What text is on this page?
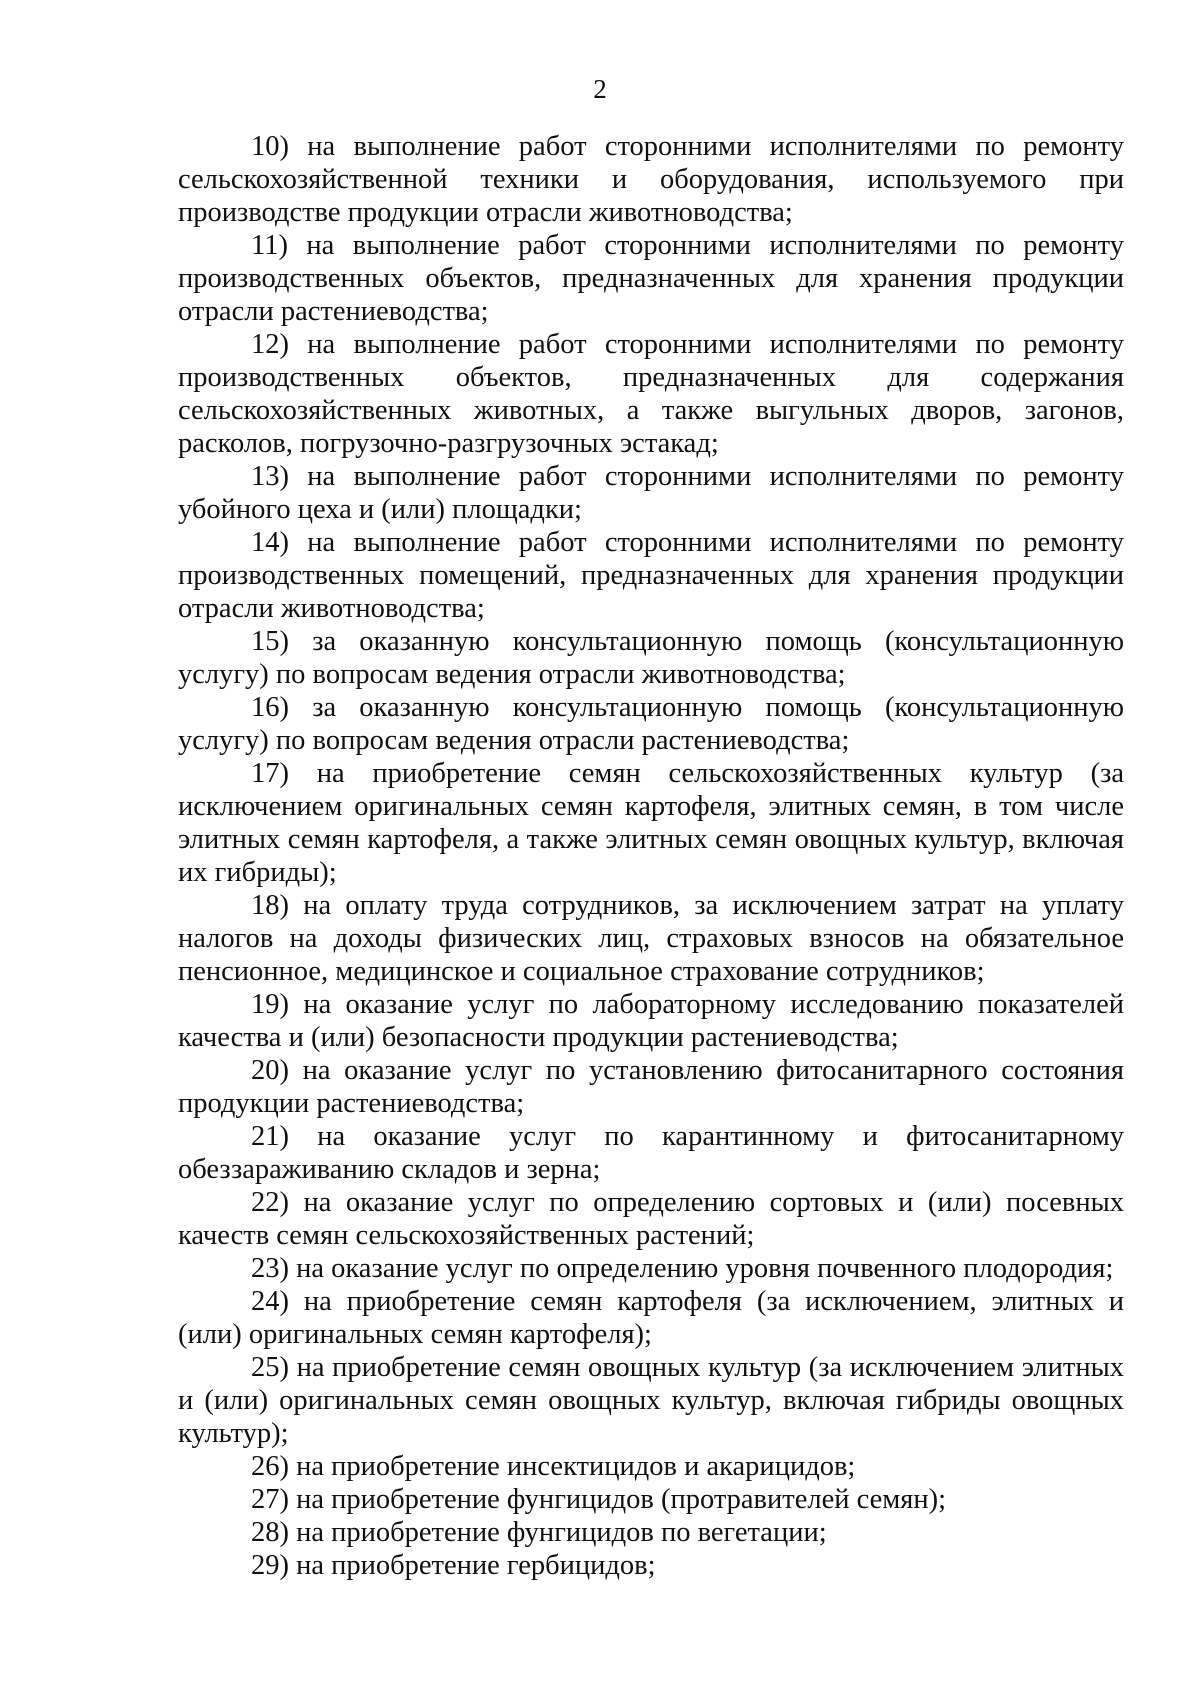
2

10) на выполнение работ сторонними исполнителями по ремонту сельскохозяйственной техники и оборудования, используемого при производстве продукции отрасли животноводства;

11) на выполнение работ сторонними исполнителями по ремонту производственных объектов, предназначенных для хранения продукции отрасли растениеводства;

12) на выполнение работ сторонними исполнителями по ремонту производственных объектов, предназначенных для содержания сельскохозяйственных животных, а также выгульных дворов, загонов, расколов, погрузочно-разгрузочных эстакад;

13) на выполнение работ сторонними исполнителями по ремонту убойного цеха и (или) площадки;

14) на выполнение работ сторонними исполнителями по ремонту производственных помещений, предназначенных для хранения продукции отрасли животноводства;

15) за оказанную консультационную помощь (консультационную услугу) по вопросам ведения отрасли животноводства;

16) за оказанную консультационную помощь (консультационную услугу) по вопросам ведения отрасли растениеводства;

17) на приобретение семян сельскохозяйственных культур (за исключением оригинальных семян картофеля, элитных семян, в том числе элитных семян картофеля, а также элитных семян овощных культур, включая их гибриды);

18) на оплату труда сотрудников, за исключением затрат на уплату налогов на доходы физических лиц, страховых взносов на обязательное пенсионное, медицинское и социальное страхование сотрудников;

19) на оказание услуг по лабораторному исследованию показателей качества и (или) безопасности продукции растениеводства;

20) на оказание услуг по установлению фитосанитарного состояния продукции растениеводства;

21) на оказание услуг по карантинному и фитосанитарному обеззараживанию складов и зерна;

22) на оказание услуг по определению сортовых и (или) посевных качеств семян сельскохозяйственных растений;

23) на оказание услуг по определению уровня почвенного плодородия;

24) на приобретение семян картофеля (за исключением, элитных и (или) оригинальных семян картофеля);

25) на приобретение семян овощных культур (за исключением элитных и (или) оригинальных семян овощных культур, включая гибриды овощных культур);

26) на приобретение инсектицидов и акарицидов;

27) на приобретение фунгицидов (протравителей семян);

28) на приобретение фунгицидов по вегетации;

29) на приобретение гербицидов;
